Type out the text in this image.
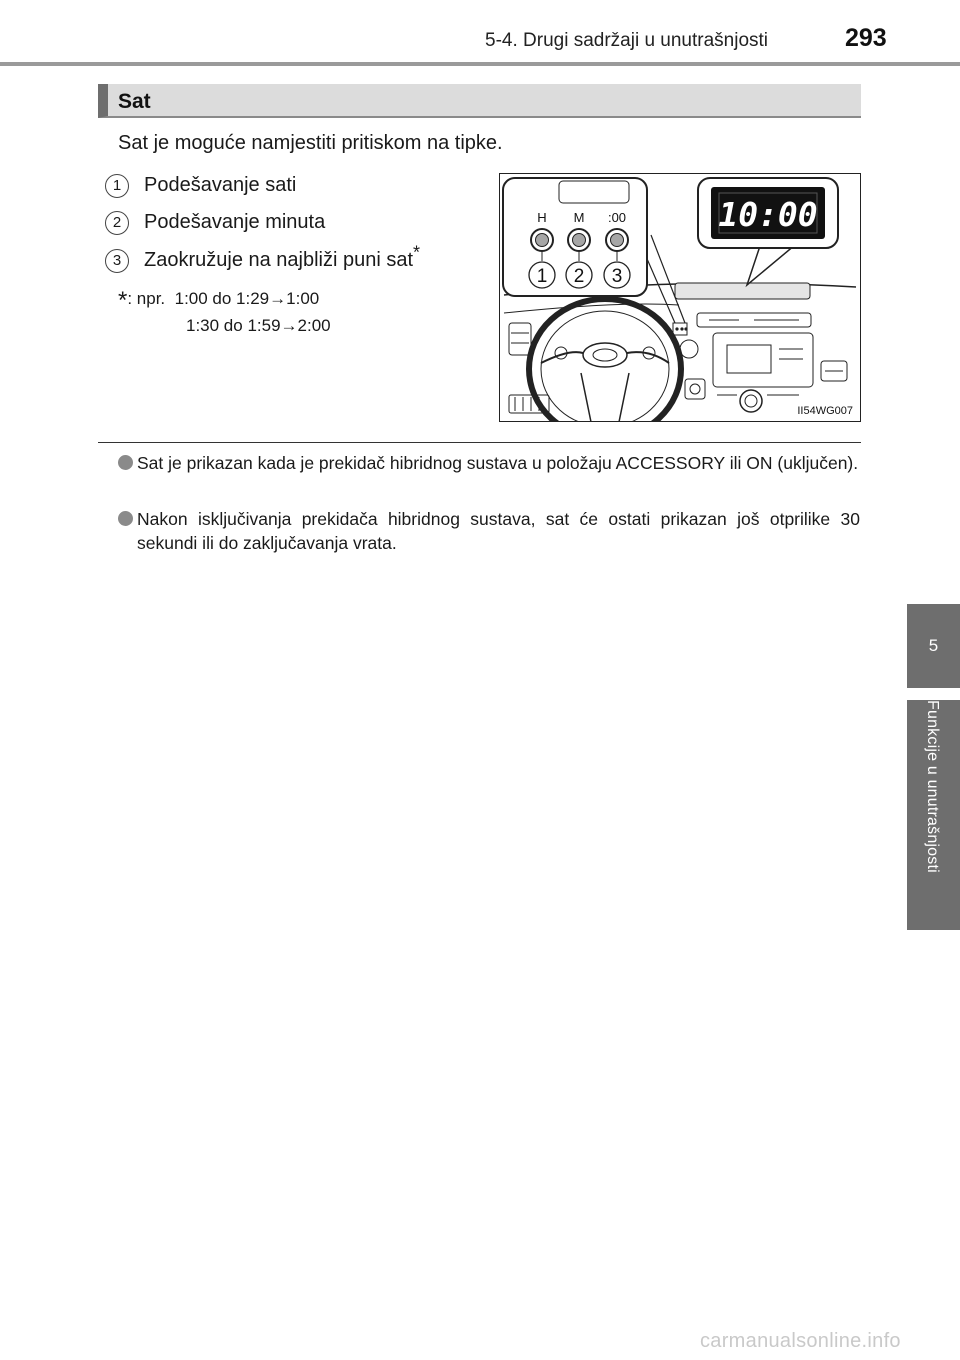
5-4. Drugi sadržaji u unutrašnjosti	293
5
Funkcije u unutrašnjosti
Sat
Sat je moguće namjestiti pritiskom na tipke.
1 Podešavanje sati
2 Podešavanje minuta
3 Zaokružuje na najbliži puni sat*
*: npr. 1:00 do 1:29→1:00
1:30 do 1:59→2:00
H M :00
1 2 3
10:00
II54WG007
Sat je prikazan kada je prekidač hibridnog sustava u položaju ACCESSORY ili ON (uključen).
Nakon isključivanja prekidača hibridnog sustava, sat će ostati prikazan još otprilike 30 sekundi ili do zaključavanja vrata.
carmanualsonline.info
